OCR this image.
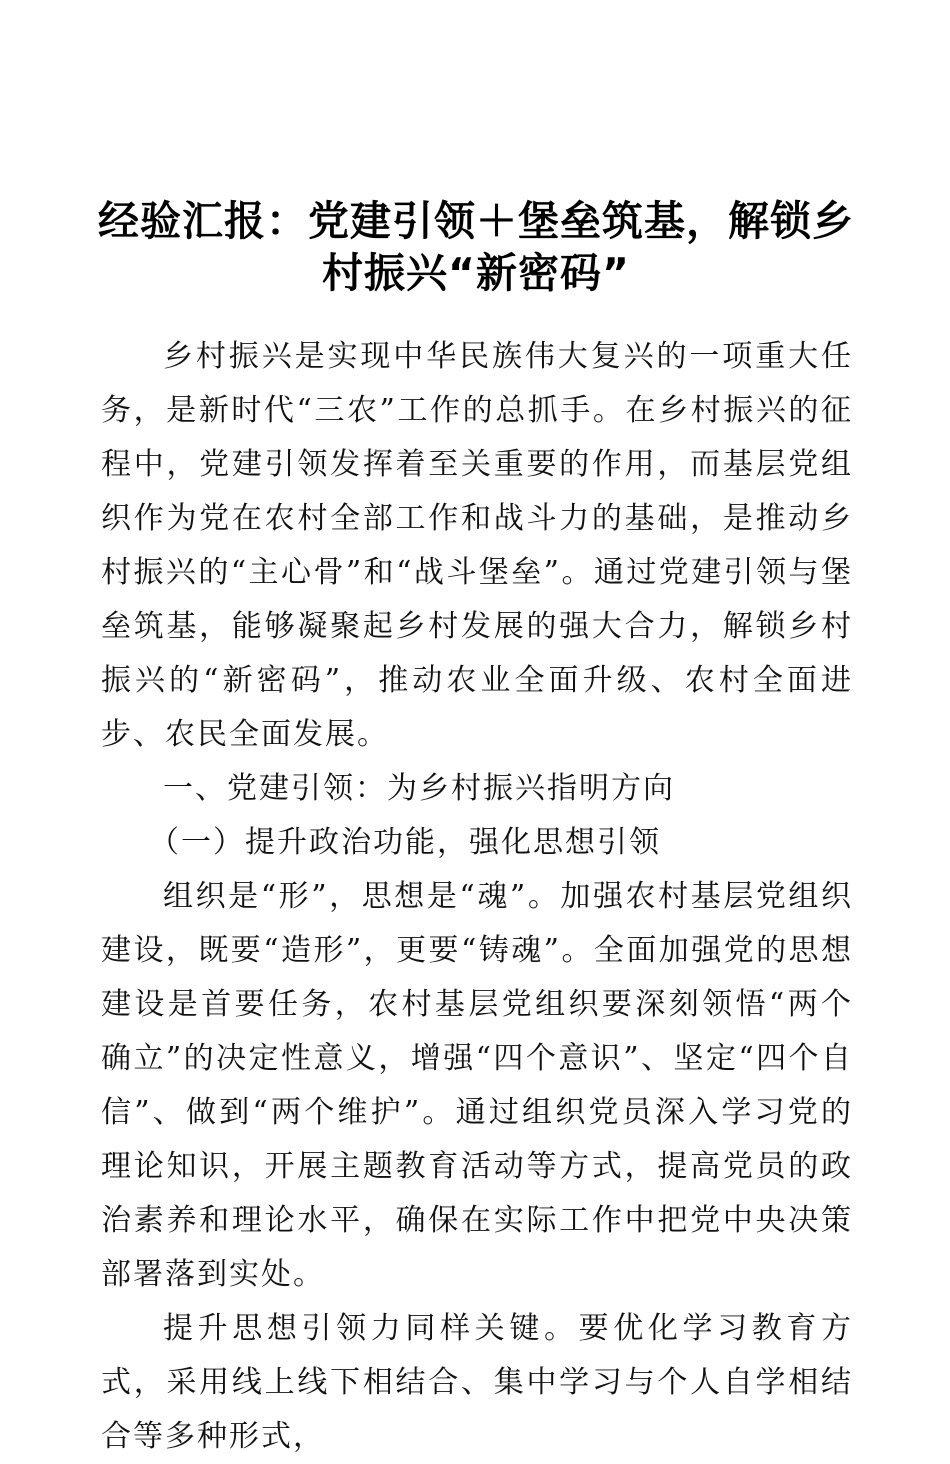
经验汇报：党建引领＋堡垒筑基，解锁乡
村振兴“新密码”

乡村振兴是实现中华民族伟大复兴的一项重大任务，是新时代“三农”工作的总抓手。在乡村振兴的征程中，党建引领发挥着至关重要的作用，而基层党组织作为党在农村全部工作和战斗力的基础，是推动乡村振兴的“主心骨”和“战斗堡垒”。通过党建引领与堡垒筑基，能够凝聚起乡村发展的强大合力，解锁乡村振兴的“新密码”，推动农业全面升级、农村全面进步、农民全面发展。

一、党建引领：为乡村振兴指明方向

（一）提升政治功能，强化思想引领

组织是“形”，思想是“魂”。加强农村基层党组织建设，既要“造形”，更要“铸魂”。全面加强党的思想建设是首要任务，农村基层党组织要深刻领悟“两个确立”的决定性意义，增强“四个意识”、坚定“四个自信”、做到“两个维护”。通过组织党员深入学习党的理论知识，开展主题教育活动等方式，提高党员的政治素养和理论水平，确保在实际工作中把党中央决策部署落到实处。

提升思想引领力同样关键。要优化学习教育方式，采用线上线下相结合、集中学习与个人自学相结合等多种形式，
